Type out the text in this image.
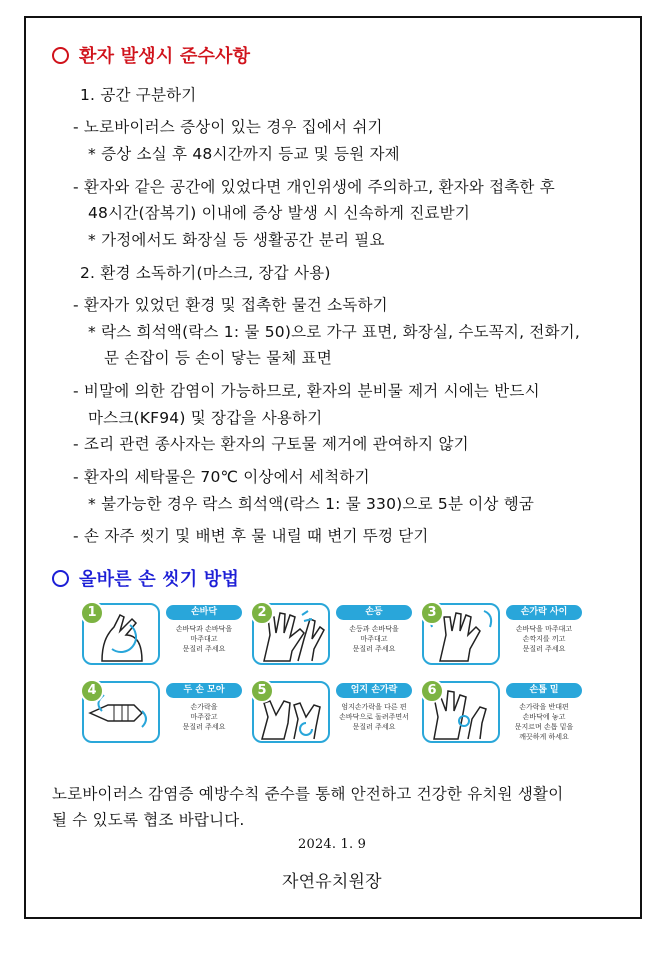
환자 발생시 준수사항
1. 공간 구분하기
- 노로바이러스 증상이 있는 경우 집에서 쉬기
* 증상 소실 후 48시간까지 등교 및 등원 자제
- 환자와 같은 공간에 있었다면 개인위생에 주의하고, 환자와 접촉한 후
48시간(잠복기) 이내에 증상 발생 시 신속하게 진료받기
* 가정에서도 화장실 등 생활공간 분리 필요
2. 환경 소독하기(마스크, 장갑 사용)
- 환자가 있었던 환경 및 접촉한 물건 소독하기
* 락스 희석액(락스 1: 물 50)으로 가구 표면, 화장실, 수도꼭지, 전화기,
문 손잡이 등 손이 닿는 물체 표면
- 비말에 의한 감염이 가능하므로, 환자의 분비물 제거 시에는 반드시
마스크(KF94) 및 장갑을 사용하기
- 조리 관련 종사자는 환자의 구토물 제거에 관여하지 않기
- 환자의 세탁물은 70℃ 이상에서 세척하기
* 불가능한 경우 락스 희석액(락스 1: 물 330)으로 5분 이상 헹굼
- 손 자주 씻기 및 배변 후 물 내릴 때 변기 뚜껑 닫기
올바른 손 씻기 방법
1	손바닥
손바닥과 손바닥을
마주대고
문질러 주세요
2	손등
손등과 손바닥을
마주대고
문질러 주세요
3	손가락 사이
손바닥을 마주대고
손깍지를 끼고
문질러 주세요
4	두 손 모아
손가락을
마주잡고
문질러 주세요
5	엄지 손가락
엄지손가락을 다른 편
손바닥으로 돌려주면서
문질러 주세요
6	손톱 밑
손가락을 반대편
손바닥에 놓고
문지르며 손톱 밑을
깨끗하게 하세요
노로바이러스 감염증 예방수칙 준수를 통해 안전하고 건강한 유치원 생활이
될 수 있도록 협조 바랍니다.
2024. 1. 9
자연유치원장
